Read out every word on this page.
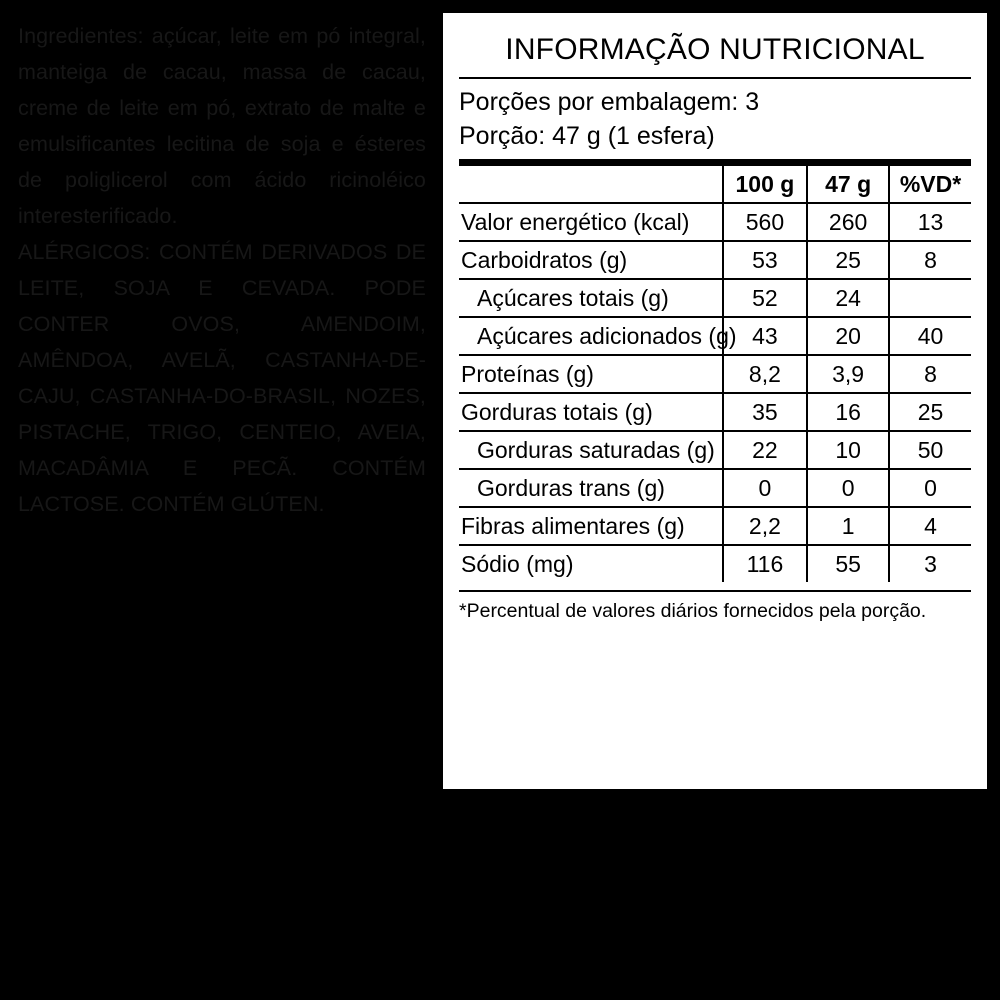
Ingredientes: açúcar, leite em pó integral, manteiga de cacau, massa de cacau, creme de leite em pó, extrato de malte e emulsificantes lecitina de soja e ésteres de poliglicerol com ácido ricinoléico interesterificado.

ALÉRGICOS: CONTÉM DERIVADOS DE LEITE, SOJA E CEVADA. PODE CONTER OVOS, AMENDOIM, AMÊNDOA, AVELÃ, CASTANHA-DE-CAJU, CASTANHA-DO-BRASIL, NOZES, PISTACHE, TRIGO, CENTEIO, AVEIA, MACADÂMIA E PECÃ. CONTÉM LACTOSE. CONTÉM GLÚTEN.

INFORMAÇÃO NUTRICIONAL

Porções por embalagem: 3

Porção: 47 g (1 esfera)

	100 g	47 g	%VD*
Valor energético (kcal)	560	260	13
Carboidratos (g)	53	25	8
Açúcares totais (g)	52	24	
Açúcares adicionados (g)	43	20	40
Proteínas (g)	8,2	3,9	8
Gorduras totais (g)	35	16	25
Gorduras saturadas (g)	22	10	50
Gorduras trans (g)	0	0	0
Fibras alimentares (g)	2,2	1	4
Sódio (mg)	116	55	3

*Percentual de valores diários fornecidos pela porção.
